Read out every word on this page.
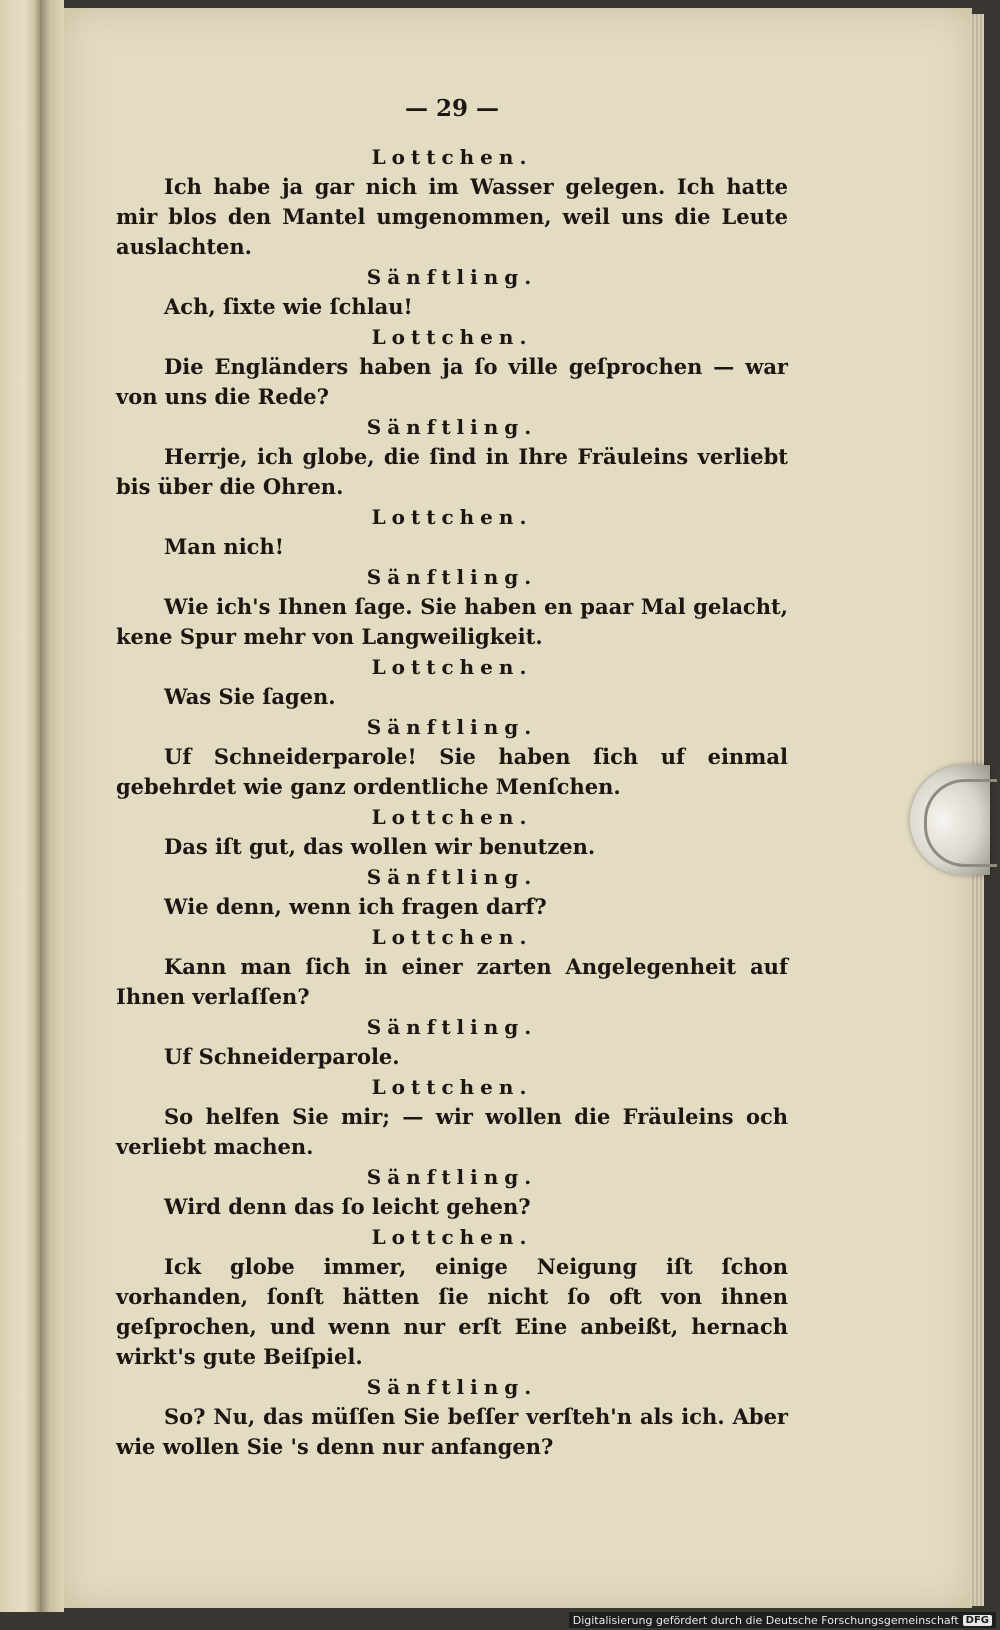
— 29 —
Lottchen.

Ich habe ja gar nich im Wasser gelegen. Ich hatte mir blos den Mantel umgenommen, weil uns die Leute auslachten.

Sänftling.

Ach, ſixte wie ſchlau!

Lottchen.

Die Engländers haben ja ſo ville geſprochen — war von uns die Rede?

Sänftling.

Herrje, ich globe, die ſind in Ihre Fräuleins verliebt bis über die Ohren.

Lottchen.

Man nich!

Sänftling.

Wie ich's Ihnen ſage. Sie haben en paar Mal gelacht, kene Spur mehr von Langweiligkeit.

Lottchen.

Was Sie ſagen.

Sänftling.

Uf Schneiderparole! Sie haben ſich uf einmal gebehrdet wie ganz ordentliche Menſchen.

Lottchen.

Das iſt gut, das wollen wir benutzen.

Sänftling.

Wie denn, wenn ich fragen darf?

Lottchen.

Kann man ſich in einer zarten Angelegenheit auf Ihnen verlaſſen?

Sänftling.

Uf Schneiderparole.

Lottchen.

So helfen Sie mir; — wir wollen die Fräuleins och verliebt machen.

Sänftling.

Wird denn das ſo leicht gehen?

Lottchen.

Ick globe immer, einige Neigung iſt ſchon vorhanden, ſonſt hätten ſie nicht ſo oft von ihnen geſprochen, und wenn nur erſt Eine anbeißt, hernach wirkt's gute Beiſpiel.

Sänftling.

So? Nu, das müſſen Sie beſſer verſteh'n als ich. Aber wie wollen Sie 's denn nur anfangen?

Digitalisierung gefördert durch die Deutsche Forschungsgemeinschaft DFG
